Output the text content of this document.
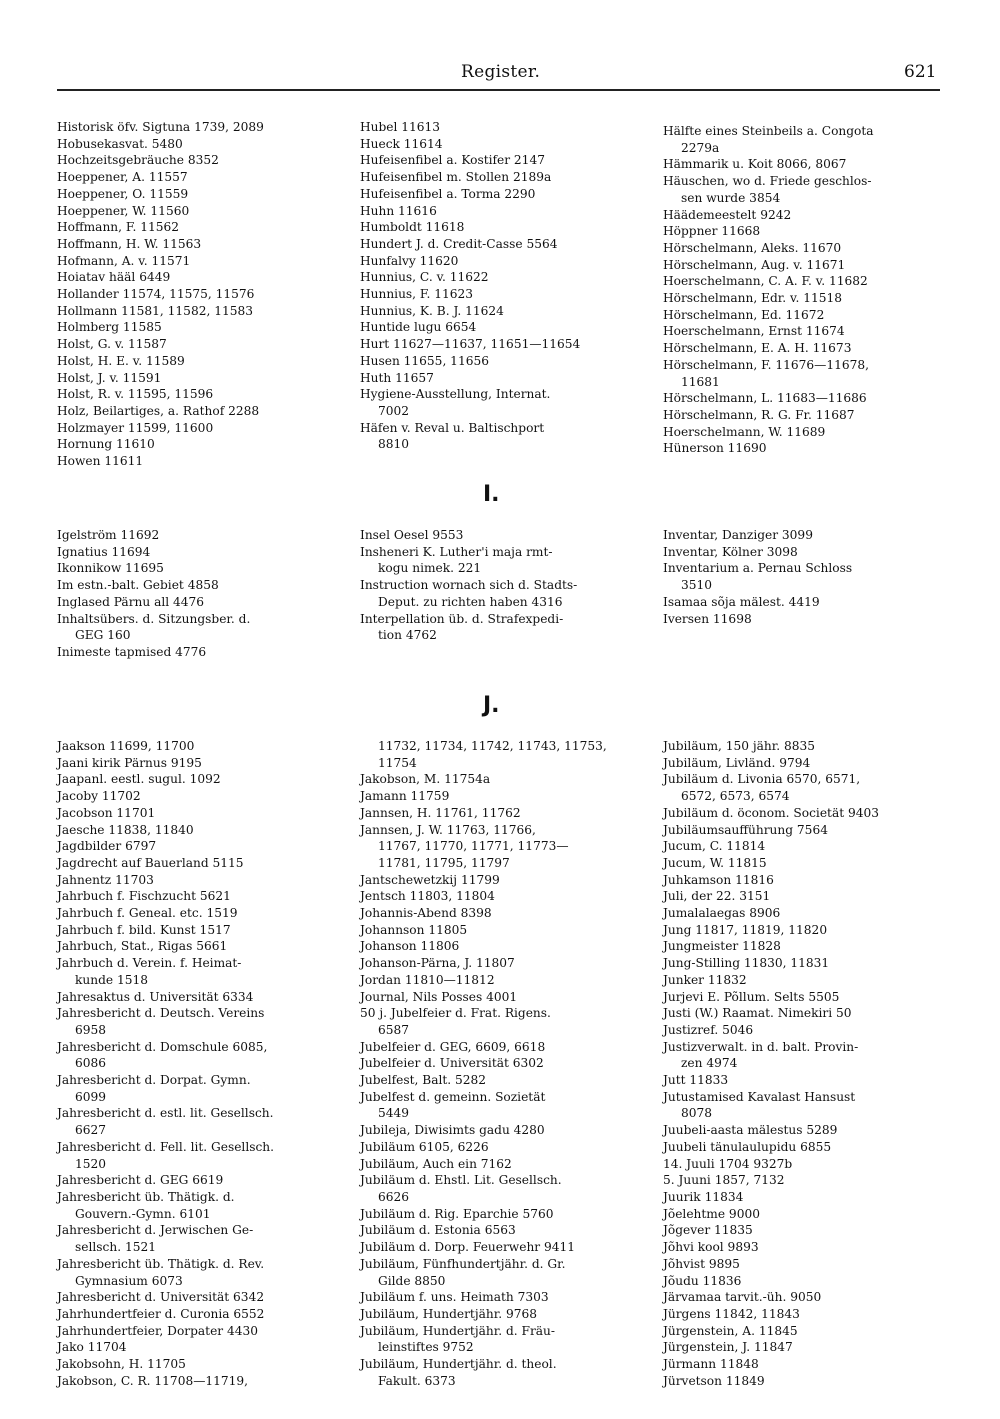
Register.	621
Historisk öfv. Sigtuna 1739, 2089
Hobusekasvat. 5480
Hochzeitsgebräuche 8352
Hoeppener, A. 11557
Hoeppener, O. 11559
Hoeppener, W. 11560
Hoffmann, F. 11562
Hoffmann, H. W. 11563
Hofmann, A. v. 11571
Hoiatav hääl 6449
Hollander 11574, 11575, 11576
Hollmann 11581, 11582, 11583
Holmberg 11585
Holst, G. v. 11587
Holst, H. E. v. 11589
Holst, J. v. 11591
Holst, R. v. 11595, 11596
Holz, Beilartiges, a. Rathof 2288
Holzmayer 11599, 11600
Hornung 11610
Howen 11611
Hubel 11613
Hueck 11614
Hufeisenfibel a. Kostifer 2147
Hufeisenfibel m. Stollen 2189a
Hufeisenfibel a. Torma 2290
Huhn 11616
Humboldt 11618
Hundert J. d. Credit-Casse 5564
Hunfalvy 11620
Hunnius, C. v. 11622
Hunnius, F. 11623
Hunnius, K. B. J. 11624
Huntide lugu 6654
Hurt 11627—11637, 11651—11654
Husen 11655, 11656
Huth 11657
Hygiene-Ausstellung, Internat.
7002
Häfen v. Reval u. Baltischport
8810
Hälfte eines Steinbeils a. Congota
2279a
Hämmarik u. Koit 8066, 8067
Häuschen, wo d. Friede geschlos-
sen wurde 3854
Häädemeestelt 9242
Höppner 11668
Hörschelmann, Aleks. 11670
Hörschelmann, Aug. v. 11671
Hoerschelmann, C. A. F. v. 11682
Hörschelmann, Edr. v. 11518
Hörschelmann, Ed. 11672
Hoerschelmann, Ernst 11674
Hörschelmann, E. A. H. 11673
Hörschelmann, F. 11676—11678,
11681
Hörschelmann, L. 11683—11686
Hörschelmann, R. G. Fr. 11687
Hoerschelmann, W. 11689
Hünerson 11690
I.
Igelström 11692
Ignatius 11694
Ikonnikow 11695
Im estn.-balt. Gebiet 4858
Inglased Pärnu all 4476
Inhaltsübers. d. Sitzungsber. d.
GEG 160
Inimeste tapmised 4776
Insel Oesel 9553
Insheneri K. Luther'i maja rmt-
kogu nimek. 221
Instruction wornach sich d. Stadts-
Deput. zu richten haben 4316
Interpellation üb. d. Strafexpedi-
tion 4762
Inventar, Danziger 3099
Inventar, Kölner 3098
Inventarium a. Pernau Schloss
3510
Isamaa sõja mälest. 4419
Iversen 11698
J.
Jaakson 11699, 11700
Jaani kirik Pärnus 9195
Jaapanl. eestl. sugul. 1092
Jacoby 11702
Jacobson 11701
Jaesche 11838, 11840
Jagdbilder 6797
Jagdrecht auf Bauerland 5115
Jahnentz 11703
Jahrbuch f. Fischzucht 5621
Jahrbuch f. Geneal. etc. 1519
Jahrbuch f. bild. Kunst 1517
Jahrbuch, Stat., Rigas 5661
Jahrbuch d. Verein. f. Heimat-
kunde 1518
Jahresaktus d. Universität 6334
Jahresbericht d. Deutsch. Vereins
6958
Jahresbericht d. Domschule 6085,
6086
Jahresbericht d. Dorpat. Gymn.
6099
Jahresbericht d. estl. lit. Gesellsch.
6627
Jahresbericht d. Fell. lit. Gesellsch.
1520
Jahresbericht d. GEG 6619
Jahresbericht üb. Thätigk. d.
Gouvern.-Gymn. 6101
Jahresbericht d. Jerwischen Ge-
sellsch. 1521
Jahresbericht üb. Thätigk. d. Rev.
Gymnasium 6073
Jahresbericht d. Universität 6342
Jahrhundertfeier d. Curonia 6552
Jahrhundertfeier, Dorpater 4430
Jako 11704
Jakobsohn, H. 11705
Jakobson, C. R. 11708—11719,
11732, 11734, 11742, 11743, 11753,
11754
Jakobson, M. 11754a
Jamann 11759
Jannsen, H. 11761, 11762
Jannsen, J. W. 11763, 11766,
11767, 11770, 11771, 11773—
11781, 11795, 11797
Jantschewetzkij 11799
Jentsch 11803, 11804
Johannis-Abend 8398
Johannson 11805
Johanson 11806
Johanson-Pärna, J. 11807
Jordan 11810—11812
Journal, Nils Posses 4001
50 j. Jubelfeier d. Frat. Rigens.
6587
Jubelfeier d. GEG, 6609, 6618
Jubelfeier d. Universität 6302
Jubelfest, Balt. 5282
Jubelfest d. gemeinn. Sozietät
5449
Jubileja, Diwisimts gadu 4280
Jubiläum 6105, 6226
Jubiläum, Auch ein 7162
Jubiläum d. Ehstl. Lit. Gesellsch.
6626
Jubiläum d. Rig. Eparchie 5760
Jubiläum d. Estonia 6563
Jubiläum d. Dorp. Feuerwehr 9411
Jubiläum, Fünfhundertjähr. d. Gr.
Gilde 8850
Jubiläum f. uns. Heimath 7303
Jubiläum, Hundertjähr. 9768
Jubiläum, Hundertjähr. d. Fräu-
leinstiftes 9752
Jubiläum, Hundertjähr. d. theol.
Fakult. 6373
Jubiläum, 150 jähr. 8835
Jubiläum, Livländ. 9794
Jubiläum d. Livonia 6570, 6571,
6572, 6573, 6574
Jubiläum d. öconom. Societät 9403
Jubiläumsaufführung 7564
Jucum, C. 11814
Jucum, W. 11815
Juhkamson 11816
Juli, der 22. 3151
Jumalalaegas 8906
Jung 11817, 11819, 11820
Jungmeister 11828
Jung-Stilling 11830, 11831
Junker 11832
Jurjevi E. Põllum. Selts 5505
Justi (W.) Raamat. Nimekiri 50
Justizref. 5046
Justizverwalt. in d. balt. Provin-
zen 4974
Jutt 11833
Jutustamised Kavalast Hansust
8078
Juubeli-aasta mälestus 5289
Juubeli tänulaulupidu 6855
14. Juuli 1704 9327b
5. Juuni 1857, 7132
Juurik 11834
Jõelehtme 9000
Jõgever 11835
Jõhvi kool 9893
Jõhvist 9895
Jõudu 11836
Järvamaa tarvit.-üh. 9050
Jürgens 11842, 11843
Jürgenstein, A. 11845
Jürgenstein, J. 11847
Jürmann 11848
Jürvetson 11849
